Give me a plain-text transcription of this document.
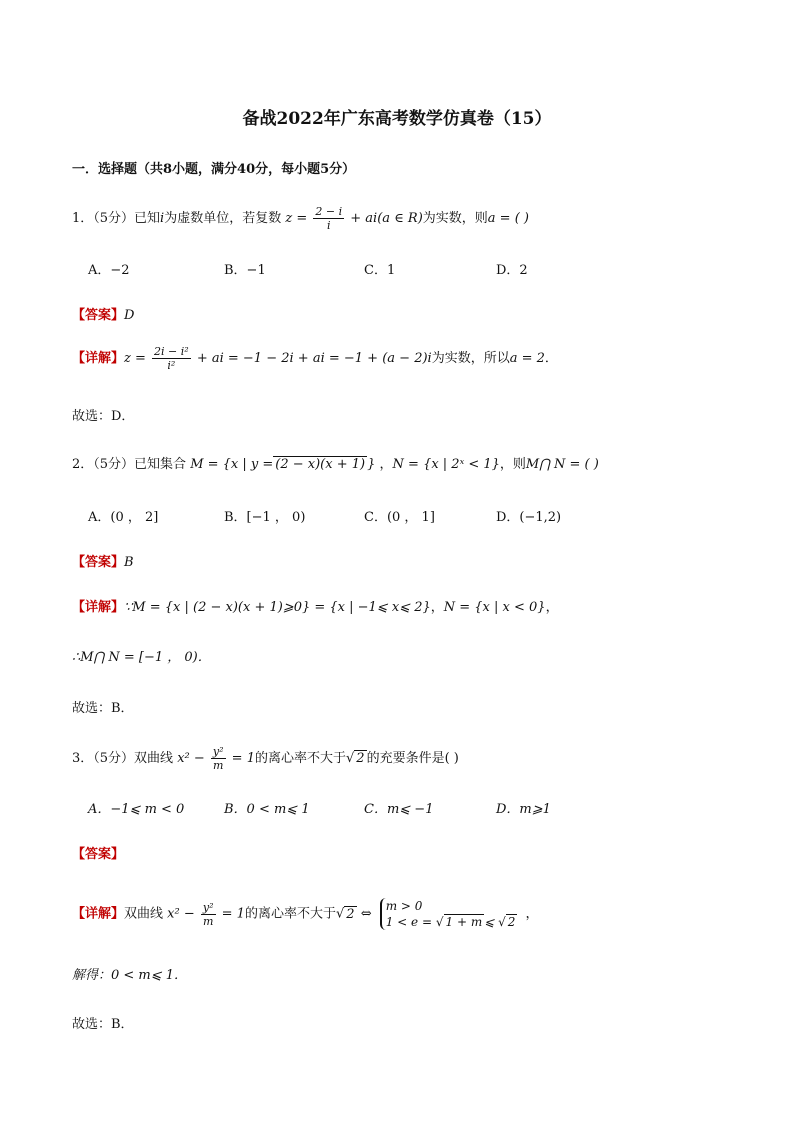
备战2022年广东高考数学仿真卷（15）
一．选择题（共8小题，满分40分，每小题5分）
1．（5分）已知i为虚数单位，若复数 $z = \frac{2 - i}{i} + ai(a$ ∈ R)为实数，则a = ( )
A．−2	B．−1	C．1	D．2
【答案】D
【详解】$z = \frac{\text{2i − i²}}{\text{i²}}$ + ai = −1 − 2i + ai = −1 + (a − 2)i为实数，所以a = 2．
故选：D．
2．（5分）已知集合 M = {x | y = (2 − x)(x + 1) } ，N = {x | 2ˣ < 1}，则M⋂ N = ( )
A．(0 ， 2]	B．[−1 ， 0)	C．(0 ， 1]	D．(−1,2)
【答案】B
【详解】∵M = {x | (2 − x)(x + 1)⩾0} = {x | −1⩽ x⩽ 2}，N = {x | x < 0}，
∴M⋂ N = [−1 ， 0)．
故选：B．
3．（5分）双曲线 $x^2 - \frac{\text{y²}}{m} = 1$的离心率不大于√ 2 的充要条件是( )
A．−1⩽ m < 0	B．0 < m⩽ 1	C．m⩽ −1	D．m⩾1
【答案】
【详解】双曲线 $x^2 - \frac{\text{y²}}{m} = 1$的离心率不大于√ 2 ⇔
m > 0
1 < e = √ 1 + m ⩽ √ 2
，
解得：0 < m⩽ 1．
故选：B．
